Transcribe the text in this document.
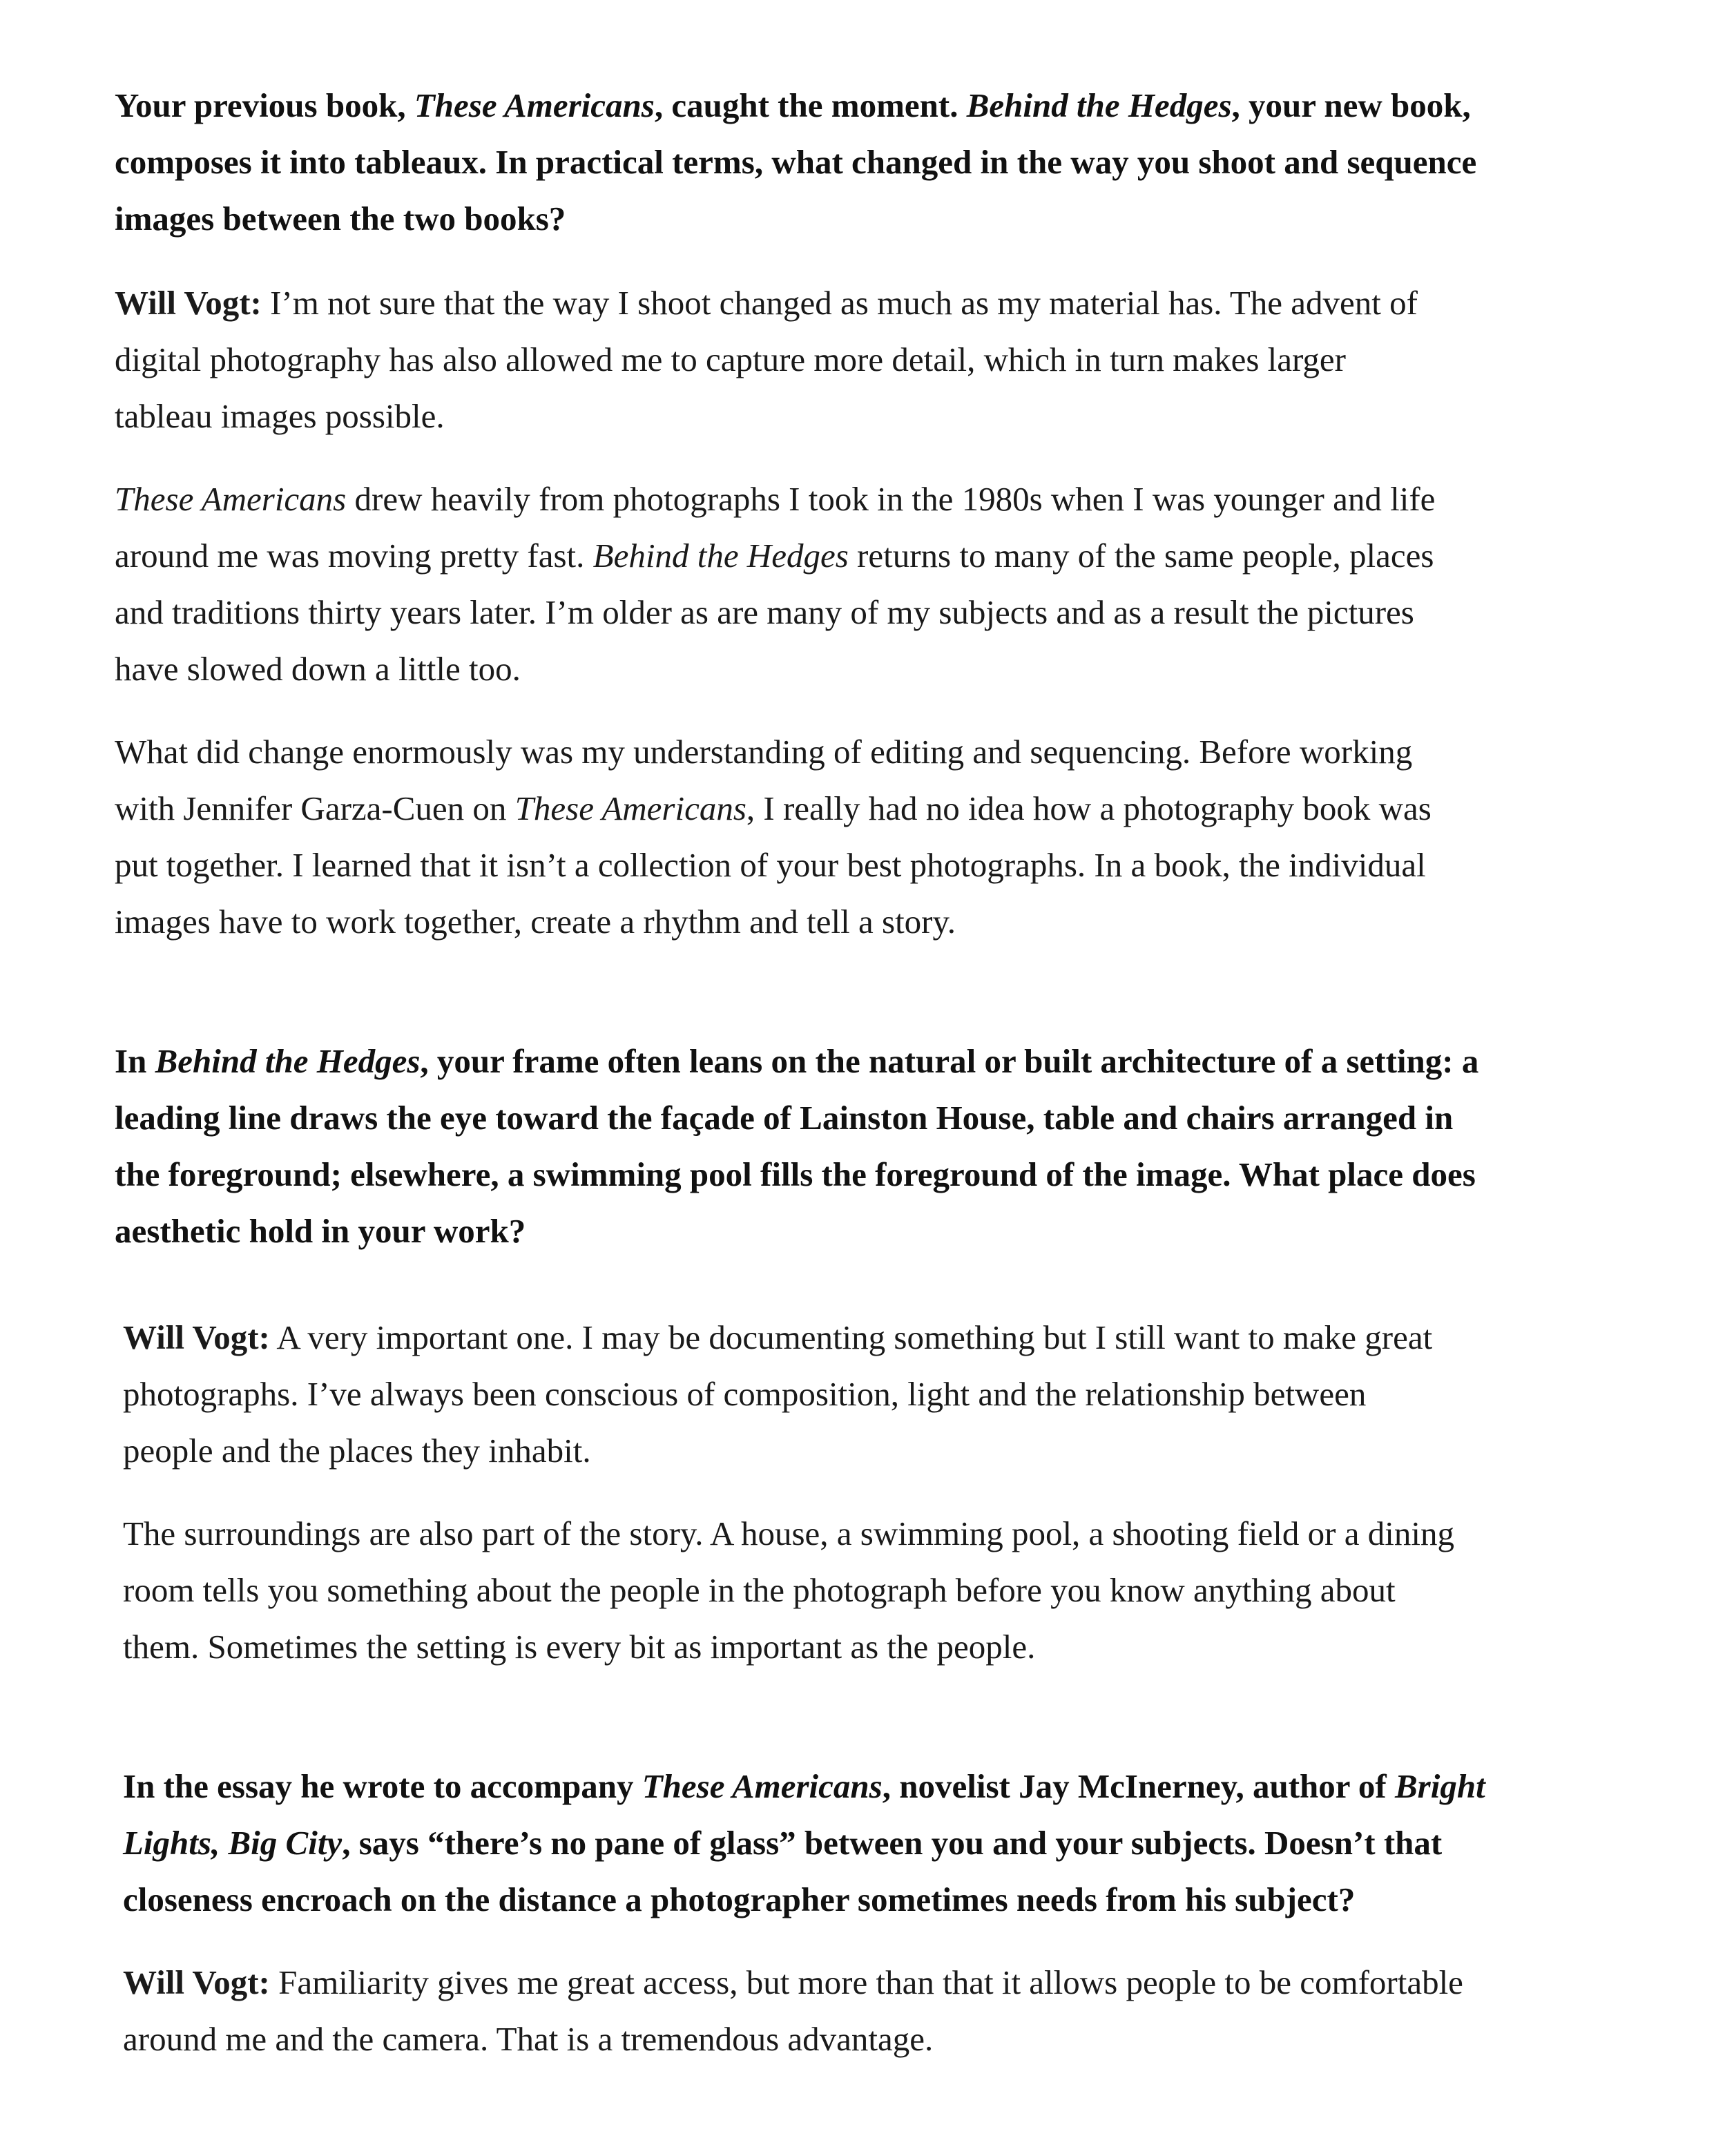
Your previous book, These Americans, caught the moment. Behind the Hedges, your new book,
composes it into tableaux. In practical terms, what changed in the way you shoot and sequence
images between the two books?

Will Vogt: I’m not sure that the way I shoot changed as much as my material has. The advent of
digital photography has also allowed me to capture more detail, which in turn makes larger
tableau images possible.

These Americans drew heavily from photographs I took in the 1980s when I was younger and life
around me was moving pretty fast. Behind the Hedges returns to many of the same people, places
and traditions thirty years later. I’m older as are many of my subjects and as a result the pictures
have slowed down a little too.

What did change enormously was my understanding of editing and sequencing. Before working
with Jennifer Garza-Cuen on These Americans, I really had no idea how a photography book was
put together. I learned that it isn’t a collection of your best photographs. In a book, the individual
images have to work together, create a rhythm and tell a story.

In Behind the Hedges, your frame often leans on the natural or built architecture of a setting: a
leading line draws the eye toward the façade of Lainston House, table and chairs arranged in
the foreground; elsewhere, a swimming pool fills the foreground of the image. What place does
aesthetic hold in your work?

Will Vogt: A very important one. I may be documenting something but I still want to make great
photographs. I’ve always been conscious of composition, light and the relationship between
people and the places they inhabit.

The surroundings are also part of the story. A house, a swimming pool, a shooting field or a dining
room tells you something about the people in the photograph before you know anything about
them. Sometimes the setting is every bit as important as the people.

In the essay he wrote to accompany These Americans, novelist Jay McInerney, author of Bright
Lights, Big City, says “there’s no pane of glass” between you and your subjects. Doesn’t that
closeness encroach on the distance a photographer sometimes needs from his subject?

Will Vogt: Familiarity gives me great access, but more than that it allows people to be comfortable
around me and the camera. That is a tremendous advantage.
